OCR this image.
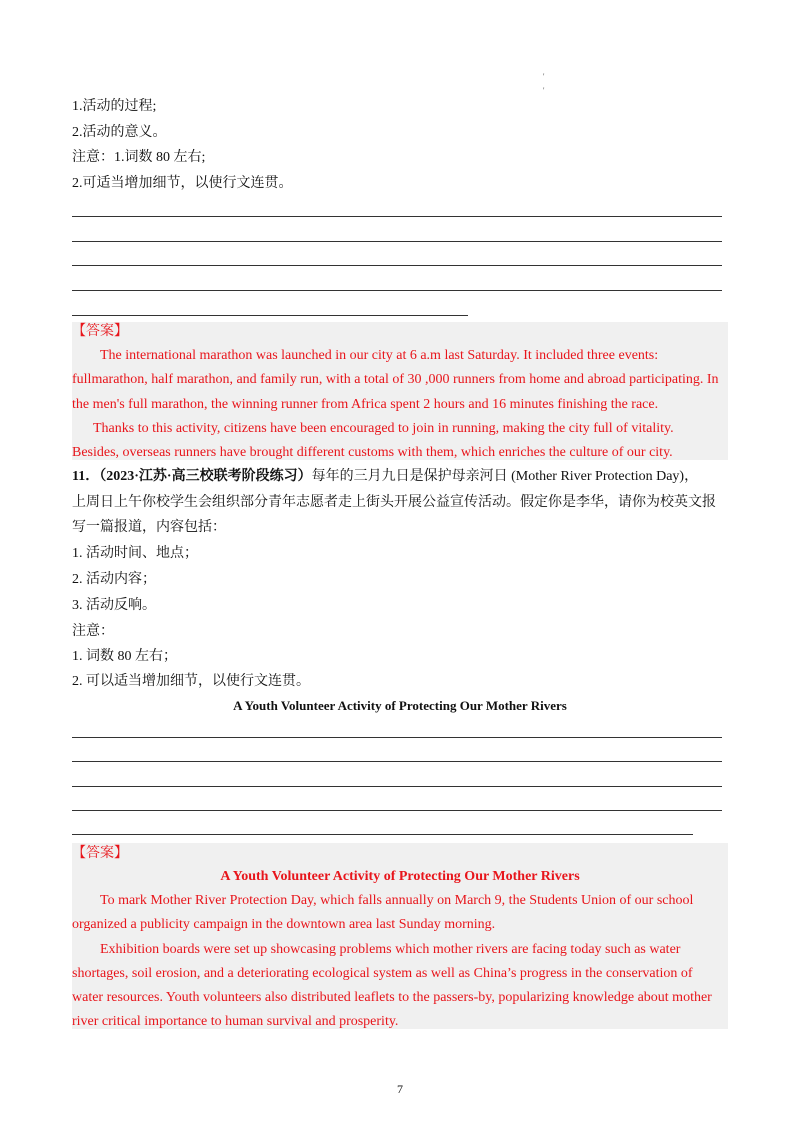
'
'
1.活动的过程;
2.活动的意义。
注意：1.词数 80 左右;
2.可适当增加细节，以使行文连贯。
【答案】
The international marathon was launched in our city at 6 a.m last Saturday. It included three events:
fullmarathon, half marathon, and family run, with a total of 30 ,000 runners from home and abroad participating. In
the men's full marathon, the winning runner from Africa spent 2 hours and 16 minutes finishing the race.
Thanks to this activity, citizens have been encouraged to join in running, making the city full of vitality.
Besides, overseas runners have brought different customs with them, which enriches the culture of our city.
11．（2023·江苏·高三校联考阶段练习）每年的三月九日是保护母亲河日 (Mother River Protection Day)，
上周日上午你校学生会组织部分青年志愿者走上街头开展公益宣传活动。假定你是李华，请你为校英文报
写一篇报道，内容包括：
1. 活动时间、地点；
2. 活动内容；
3. 活动反响。
注意：
1. 词数 80 左右；
2. 可以适当增加细节，以使行文连贯。
A Youth Volunteer Activity of Protecting Our Mother Rivers
【答案】
A Youth Volunteer Activity of Protecting Our Mother Rivers
To mark Mother River Protection Day, which falls annually on March 9, the Students Union of our school
organized a publicity campaign in the downtown area last Sunday morning.
Exhibition boards were set up showcasing problems which mother rivers are facing today such as water
shortages, soil erosion, and a deteriorating ecological system as well as China’s progress in the conservation of
water resources. Youth volunteers also distributed leaflets to the passers-by, popularizing knowledge about mother
river critical importance to human survival and prosperity.
7
